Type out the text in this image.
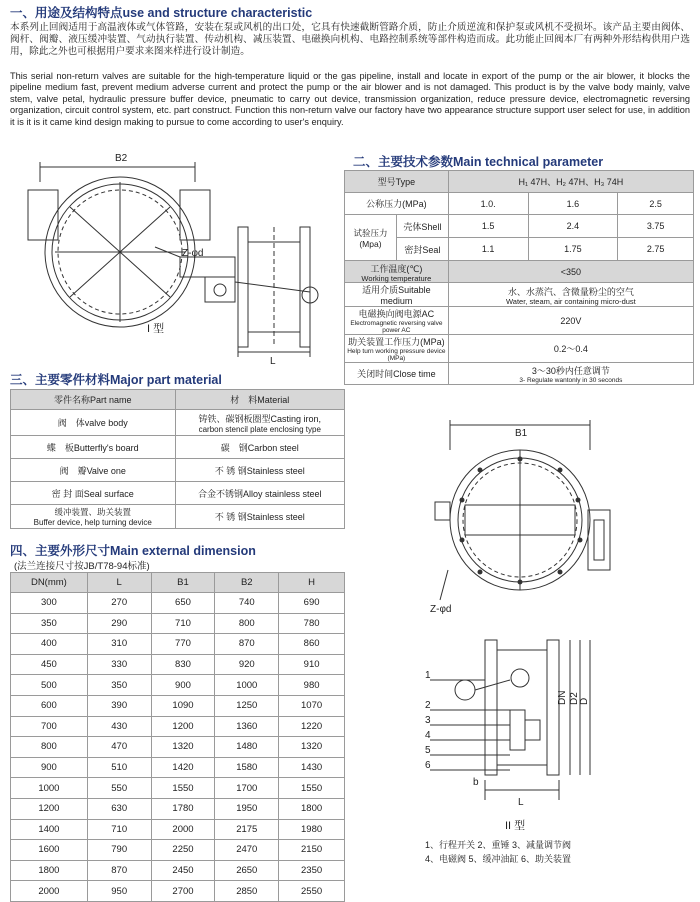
一、用途及结构特点use and structure characteristic
本系列止回阀适用于高温液体或气体管路，安装在泵或风机的出口处，它具有快速截断管路介质，防止介质逆流和保护泵或风机不受损坏。该产品主要由阀体、阀杆、阀瓣、液压缓冲装置、气动执行装置、传动机构、减压装置、电磁换向机构、电路控制系统等部件构造而成。此功能止回阀本厂有两种外形结构供用户选用，除此之外也可根据用户要求来图来样进行设计制造。
This serial non-return valves are suitable for the high-temperature liquid or the gas pipeline, install and locate in export of the pump or the air blower, it blocks the pipeline medium fast, prevent medium adverse current and protect the pump or the air blower and is not damaged. This product is by the valve body mainly, valve stem, valve petal, hydraulic pressure buffer device, pneumatic to carry out device, transmission organization, reduce pressure device, electromagnetic reversing organization, circuit control system, etc. part construct. Function this non-return valve our factory have two appearance structure support user select for use, in addition it is it is it came kind design making to pursue to come according to user's enquiry.
二、主要技术参数Main technical parameter
型号Type		H₁ 47H、H₂ 47H、H₃ 74H		
公称压力(MPa)		1.0.	1.6	2.5
试验压力(Mpa)	壳体Shell	1.5	2.4	3.75
	密封Seal	1.1	1.75	2.75
工作温度(℃)
Working temperature		<350		
适用介质Suitable medium		水、水蒸汽、含微量粉尘的空气
Water, steam, air containing micro-dust		

电磁换向阀电源AC
Electromagnetic reversing valve power AC		220V		
助关装置工作压力(MPa)
Help turn working pressure device (MPa)		0.2～0.4		
关闭时间Close time		3～30秒内任意调节
3- Regulate wantonly in 30 seconds		
B2
Z-φd
L
I 型
三、主要零件材料Major part material
零件名称Part name	材　料Material
阀　体valve body	铸铁、碳钢板圈型Casting iron,
carbon stencil plate enclosing type

蝶　板Butterfly's board	碳　钢Carbon steel
阀　瓣Valve one	不 锈 钢Stainless steel
密 封 面Seal surface	合金不锈钢Alloy stainless steel

缓冲装置、助关装置
Buffer device, help turning device	不 锈 钢Stainless steel
四、主要外形尺寸Main external dimension
(法兰连接尺寸按JB/T78-94标准)
DN(mm)	L	B1	B2	H
300	270	650	740	690
350	290	710	800	780
400	310	770	870	860
450	330	830	920	910
500	350	900	1000	980
600	390	1090	1250	1070
700	430	1200	1360	1220
800	470	1320	1480	1320
900	510	1420	1580	1430
1000	550	1550	1700	1550
1200	630	1780	1950	1800
1400	710	2000	2175	1980
1600	790	2250	2470	2150
1800	870	2450	2650	2350
2000	950	2700	2850	2550
B1
Z-φd
1
2
3
4
5
6
DN D2 D
b
L
II 型
1、行程开关 2、重锤 3、减量调节阀
4、电磁阀 5、缓冲油缸 6、助关装置
